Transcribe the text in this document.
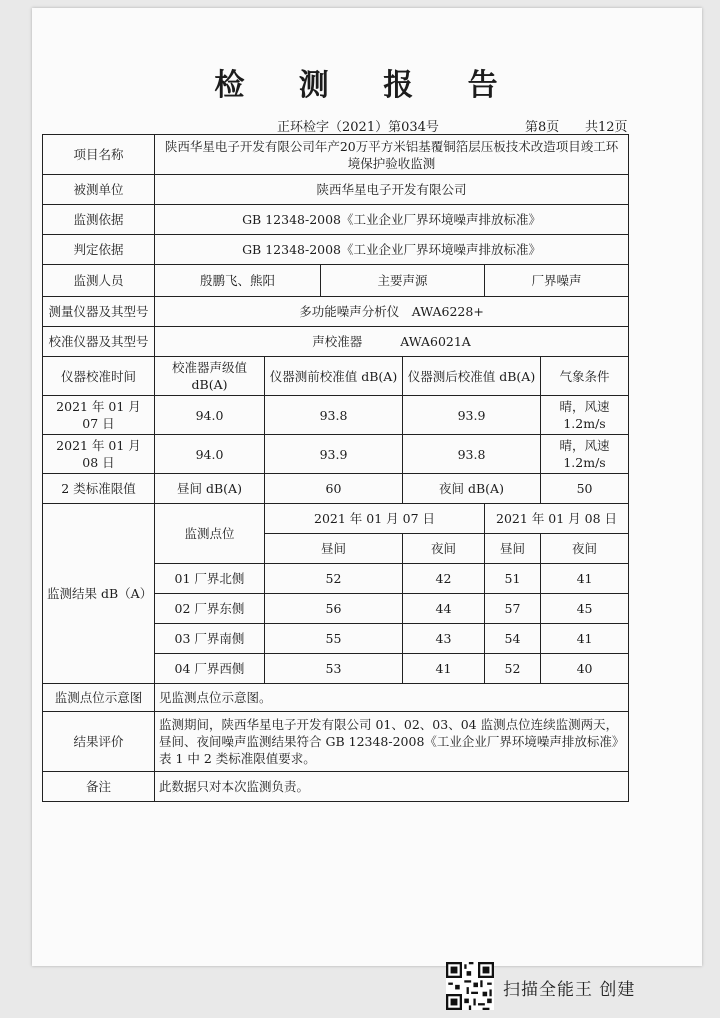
检 测 报 告
正环检字（2021）第034号	第8页 共12页
项目名称	陕西华星电子开发有限公司年产20万平方米铝基覆铜箔层压板技术改造项目竣工环境保护验收监测					
被测单位	陕西华星电子开发有限公司					
监测依据	GB 12348-2008《工业企业厂界环境噪声排放标准》					
判定依据	GB 12348-2008《工业企业厂界环境噪声排放标准》					
监测人员	殷鹏飞、熊阳		主要声源		厂界噪声	
测量仪器及其型号	多功能噪声分析仪　AWA6228+					
校准仪器及其型号	声校准器 AWA6021A					
仪器校准时间	校准器声级值 dB(A)	仪器测前校准值 dB(A)		仪器测后校准值 dB(A)		气象条件
2021 年 01 月 07 日	94.0	93.8		93.9		晴，风速 1.2m/s
2021 年 01 月 08 日	94.0	93.9		93.8		晴，风速 1.2m/s
2 类标准限值	昼间 dB(A)	60		夜间 dB(A)		50
监测结果 dB（A）	监测点位	2021 年 01 月 07 日			2021 年 01 月 08 日	
		昼间		夜间	昼间	夜间
	01 厂界北侧	52		42	51	41
	02 厂界东侧	56		44	57	45
	03 厂界南侧	55		43	54	41
	04 厂界西侧	53		41	52	40
监测点位示意图	见监测点位示意图。					
结果评价	监测期间，陕西华星电子开发有限公司 01、02、03、04 监测点位连续监测两天，昼间、夜间噪声监测结果符合 GB 12348-2008《工业企业厂界环境噪声排放标准》表 1 中 2 类标准限值要求。					
备注	此数据只对本次监测负责。					
扫描全能王 创建
